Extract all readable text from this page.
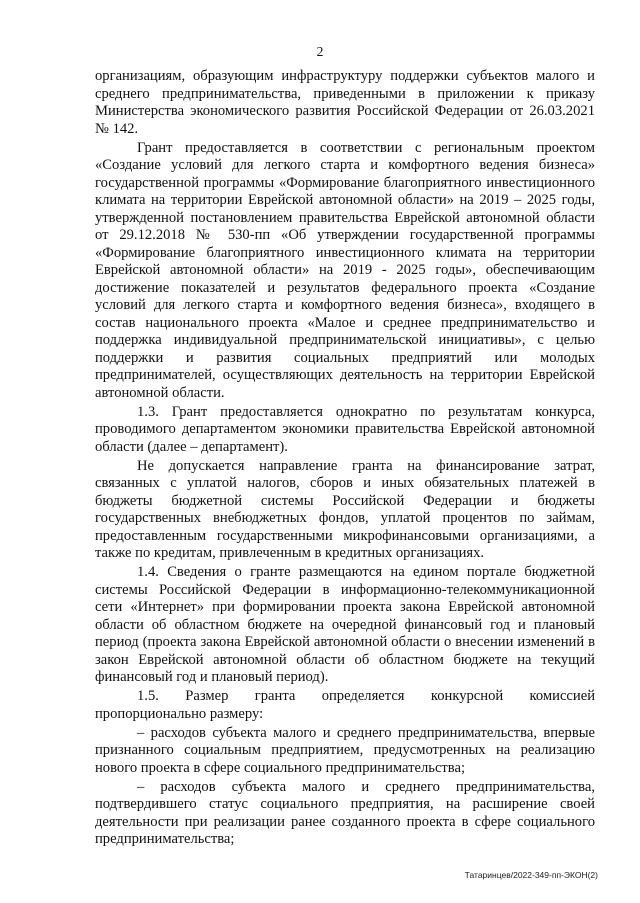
2

организациям, образующим инфраструктуру поддержки субъектов малого и среднего предпринимательства, приведенными в приложении к приказу Министерства экономического развития Российской Федерации от 26.03.2021 № 142.

Грант предоставляется в соответствии с региональным проектом «Создание условий для легкого старта и комфортного ведения бизнеса» государственной программы «Формирование благоприятного инвестиционного климата на территории Еврейской автономной области» на 2019 – 2025 годы, утвержденной постановлением правительства Еврейской автономной области от 29.12.2018 № 530-пп «Об утверждении государственной программы «Формирование благоприятного инвестиционного климата на территории Еврейской автономной области» на 2019 - 2025 годы», обеспечивающим достижение показателей и результатов федерального проекта «Создание условий для легкого старта и комфортного ведения бизнеса», входящего в состав национального проекта «Малое и среднее предпринимательство и поддержка индивидуальной предпринимательской инициативы», с целью поддержки и развития социальных предприятий или молодых предпринимателей, осуществляющих деятельность на территории Еврейской автономной области.

1.3. Грант предоставляется однократно по результатам конкурса, проводимого департаментом экономики правительства Еврейской автономной области (далее – департамент).

Не допускается направление гранта на финансирование затрат, связанных с уплатой налогов, сборов и иных обязательных платежей в бюджеты бюджетной системы Российской Федерации и бюджеты государственных внебюджетных фондов, уплатой процентов по займам, предоставленным государственными микрофинансовыми организациями, а также по кредитам, привлеченным в кредитных организациях.

1.4. Сведения о гранте размещаются на едином портале бюджетной системы Российской Федерации в информационно-телекоммуникационной сети «Интернет» при формировании проекта закона Еврейской автономной области об областном бюджете на очередной финансовый год и плановый период (проекта закона Еврейской автономной области о внесении изменений в закон Еврейской автономной области об областном бюджете на текущий финансовый год и плановый период).

1.5. Размер гранта определяется конкурсной комиссией пропорционально размеру:

– расходов субъекта малого и среднего предпринимательства, впервые признанного социальным предприятием, предусмотренных на реализацию нового проекта в сфере социального предпринимательства;

– расходов субъекта малого и среднего предпринимательства, подтвердившего статус социального предприятия, на расширение своей деятельности при реализации ранее созданного проекта в сфере социального предпринимательства;

Татаринцев/2022-349-пп-ЭКОН(2)
